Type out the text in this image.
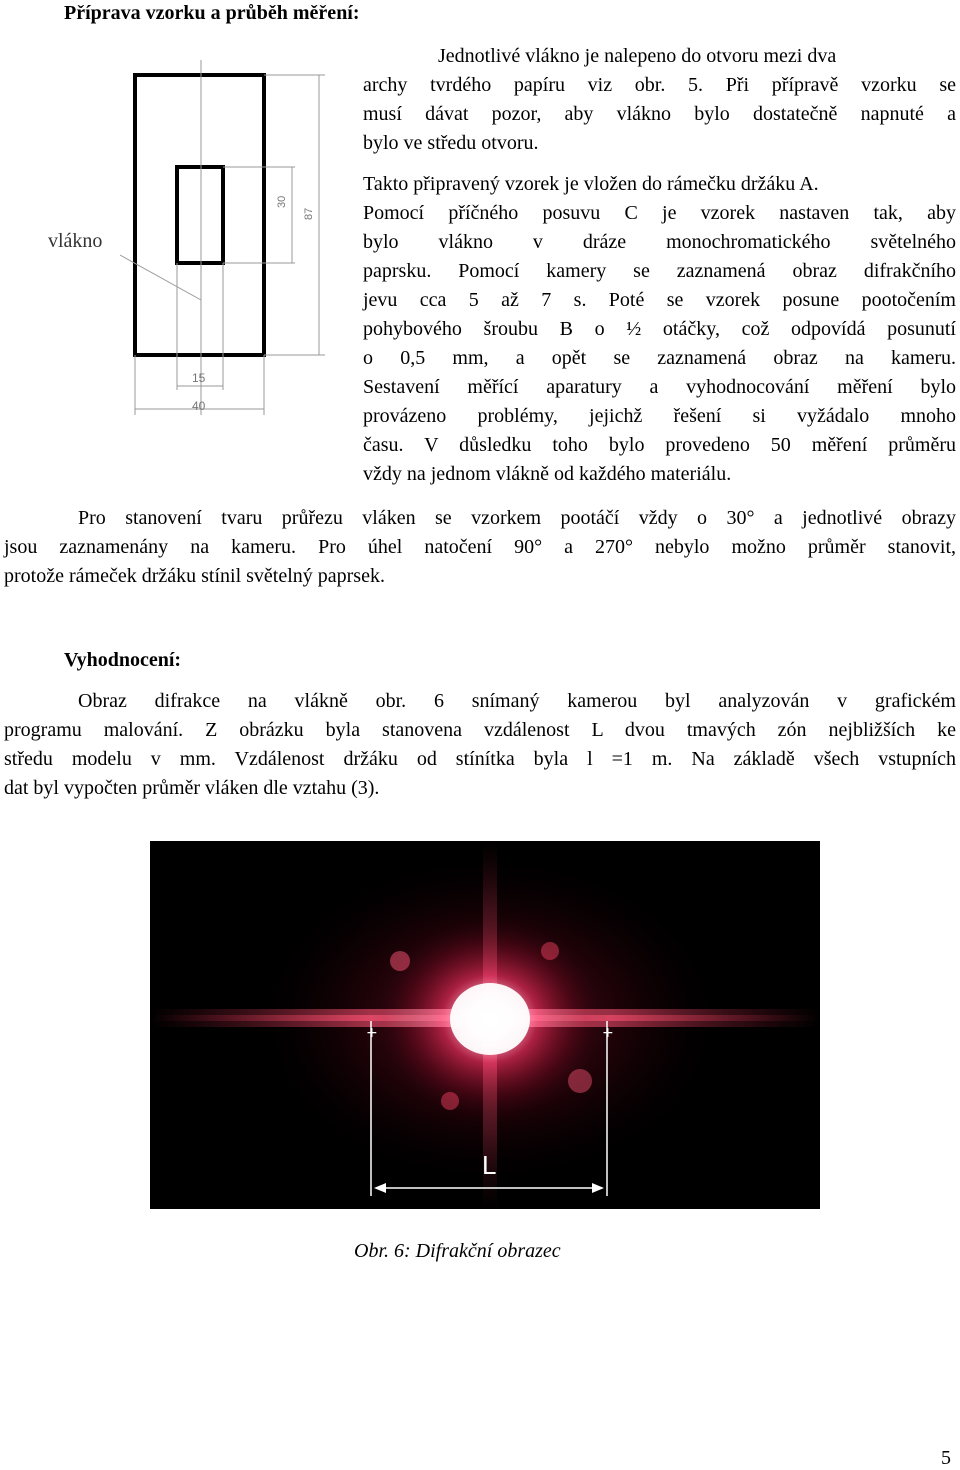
Příprava vzorku a průběh měření:
vlákno
30
87
15
40
Jednotlivé vlákno je nalepeno do otvoru mezi dva
archy tvrdého papíru viz obr. 5. Při přípravě vzorku se
musí dávat pozor, aby vlákno bylo dostatečně napnuté a
bylo ve středu otvoru.
Takto připravený vzorek je vložen do rámečku držáku A.
Pomocí příčného posuvu C je vzorek nastaven tak, aby
bylo vlákno v dráze monochromatického světelného
paprsku. Pomocí kamery se zaznamená obraz difrakčního
jevu cca 5 až 7 s. Poté se vzorek posune pootočením
pohybového šroubu B o ½ otáčky, což odpovídá posunutí
o 0,5 mm, a opět se zaznamená obraz na kameru.
Sestavení měřící aparatury a vyhodnocování měření bylo
provázeno problémy, jejichž řešení si vyžádalo mnoho
času. V důsledku toho bylo provedeno 50 měření průměru
vždy na jednom vlákně od každého materiálu.
Pro stanovení tvaru průřezu vláken se vzorkem pootáčí vždy o 30° a jednotlivé obrazy
jsou zaznamenány na kameru. Pro úhel natočení 90° a 270° nebylo možno průměr stanovit,
protože rámeček držáku stínil světelný paprsek.
Vyhodnocení:
Obraz difrakce na vlákně obr. 6 snímaný kamerou byl analyzován v grafickém
programu malování. Z obrázku byla stanovena vzdálenost L dvou tmavých zón nejbližších ke
středu modelu v mm. Vzdálenost držáku od stínítka byla l =1 m. Na základě všech vstupních
dat byl vypočten průměr vláken dle vztahu (3).
+	+
L
Obr. 6: Difrakční obrazec
5
